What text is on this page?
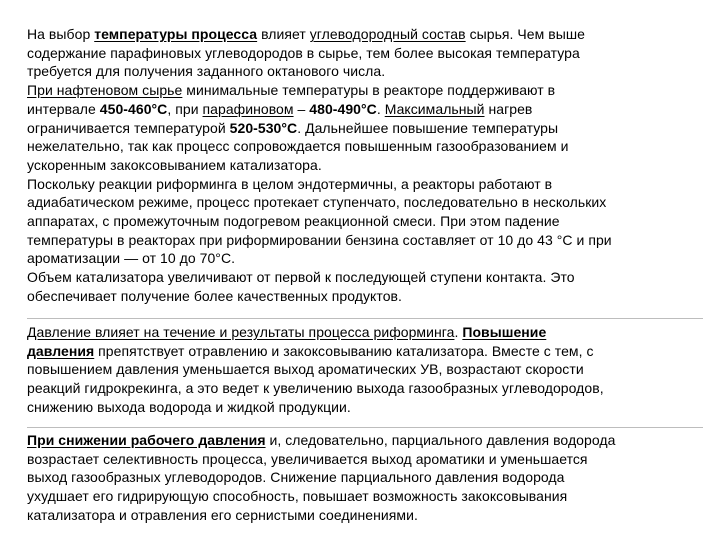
На выбор температуры процесса влияет углеводородный состав сырья. Чем выше
содержание парафиновых углеводородов в сырье, тем более высокая температура
требуется для получения заданного октанового числа.
При нафтеновом сырье минимальные температуры в реакторе поддерживают в
интервале 450-460°С, при парафиновом – 480-490°С. Максимальный нагрев
ограничивается температурой 520-530°С. Дальнейшее повышение температуры
нежелательно, так как процесс сопровождается повышенным газообразованием и
ускоренным закоксовыванием катализатора.
Поскольку реакции риформинга в целом эндотермичны, а реакторы работают в
адиабатическом режиме, процесс протекает ступенчато, последовательно в нескольких
аппаратах, с промежуточным подогревом реакционной смеси. При этом падение
температуры в реакторах при риформировании бензина составляет от 10 до 43 °С и при
ароматизации — от 10 до 70°С.
Объем катализатора увеличивают от первой к последующей ступени контакта. Это
обеспечивает получение более качественных продуктов.
Давление влияет на течение и результаты процесса риформинга. Повышение
давления препятствует отравлению и закоксовыванию катализатора. Вместе с тем, с
повышением давления уменьшается выход ароматических УВ, возрастают скорости
реакций гидрокрекинга, а это ведет к увеличению выхода газообразных углеводородов,
снижению выхода водорода и жидкой продукции.
При снижении рабочего давления и, следовательно, парциального давления водорода
возрастает селективность процесса, увеличивается выход ароматики и уменьшается
выход газообразных углеводородов. Снижение парциального давления водорода
ухудшает его гидрирующую способность, повышает возможность закоксовывания
катализатора и отравления его сернистыми соединениями.
